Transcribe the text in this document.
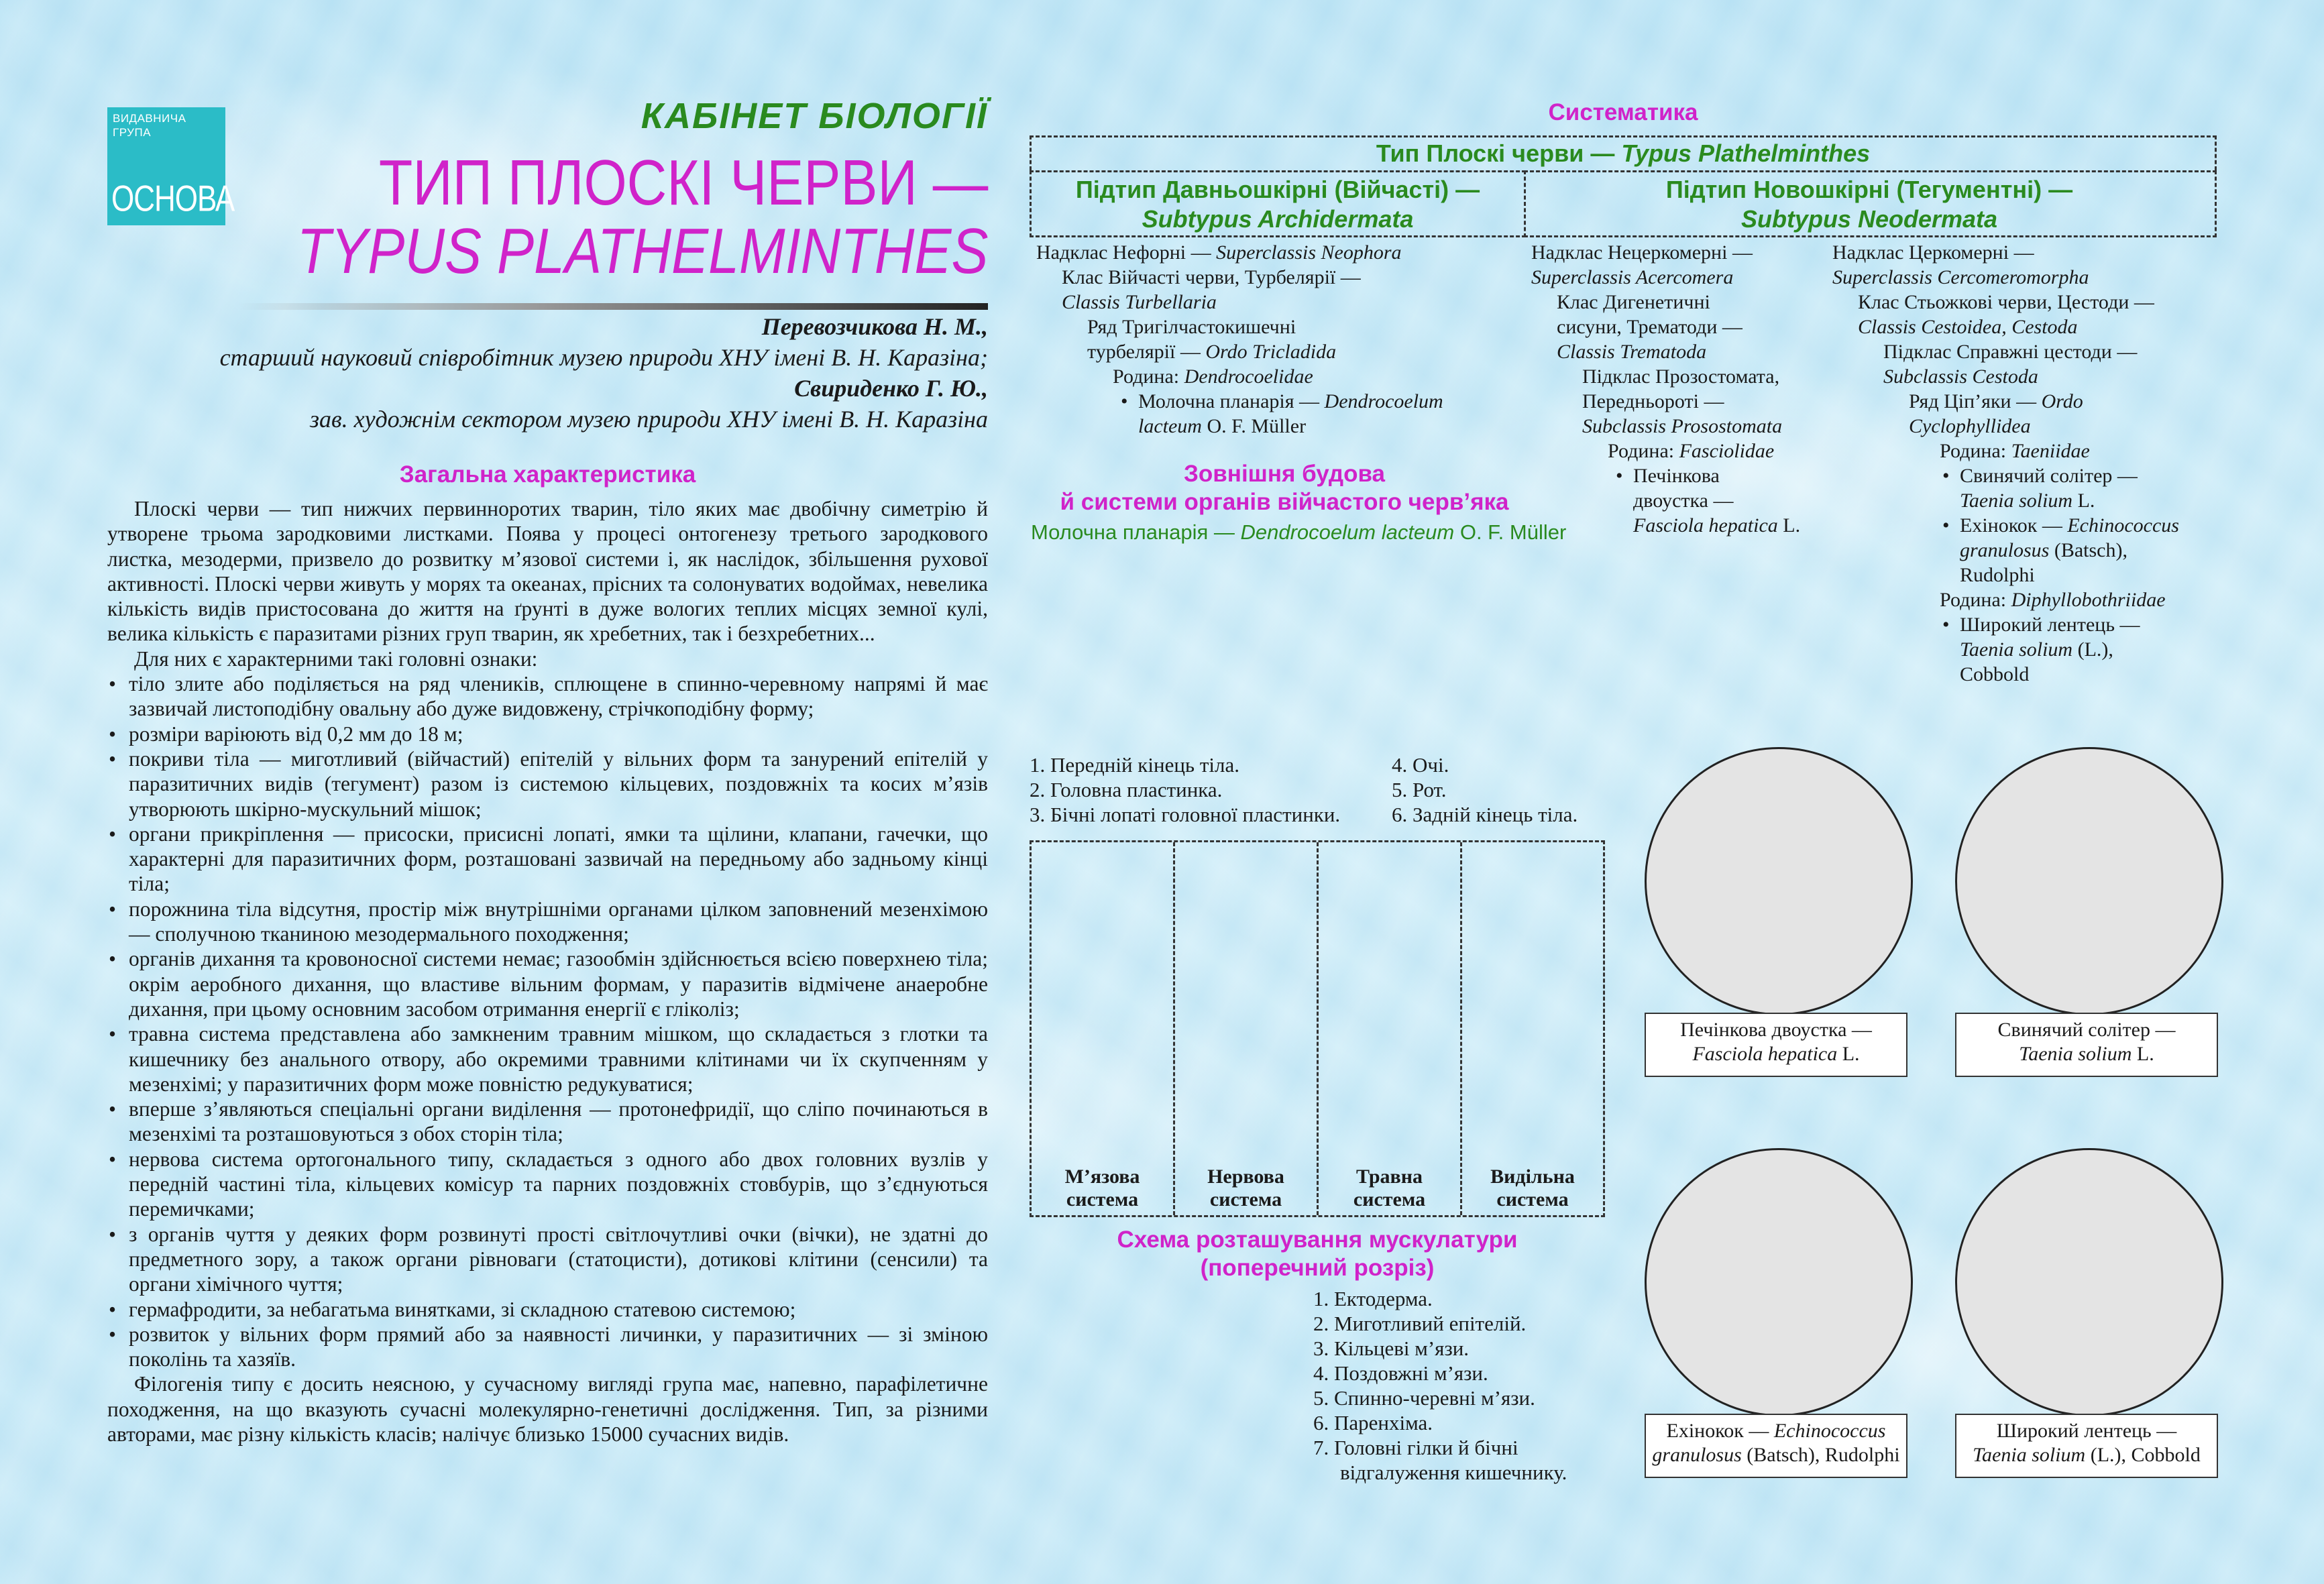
ВИДАВНИЧА
ГРУПА
ОСНОВА
КАБІНЕТ БІОЛОГІЇ
ТИП ПЛОСКІ ЧЕРВИ —
TYPUS PLATHELMINTHES
Перевозчикова Н. М.,
старший науковий співробітник музею природи ХНУ імені В. Н. Каразіна;
Свириденко Г. Ю.,
зав. художнім сектором музею природи ХНУ імені В. Н. Каразіна
Загальна характеристика

Плоскі черви — тип нижчих первинноротих тварин, тіло яких має двобічну симетрію й утворене трьома зародковими листками. Поява у процесі онтогенезу третього зародкового листка, мезодерми, призвело до розвитку м’язової системи і, як наслідок, збільшення рухової активності. Плоскі черви живуть у морях та океанах, прісних та солонуватих водоймах, невелика кількість видів пристосована до життя на ґрунті в дуже вологих теплих місцях земної кулі, велика кількість є паразитами різних груп тварин, як хребетних, так і безхребетних...

Для них є характерними такі головні ознаки:

• тіло злите або поділяється на ряд члеників, сплющене в спинно-черевному напрямі й має зазвичай листоподібну овальну або дуже видовжену, стрічкоподібну форму;
• розміри варіюють від 0,2 мм до 18 м;
• покриви тіла — миготливий (війчастий) епітелій у вільних форм та занурений епітелій у паразитичних видів (тегумент) разом із системою кільцевих, поздовжніх та косих м’язів утворюють шкірно-мускульний мішок;
• органи прикріплення — присоски, присисні лопаті, ямки та щілини, клапани, гачечки, що характерні для паразитичних форм, розташовані зазвичай на передньому або задньому кінці тіла;
• порожнина тіла відсутня, простір між внутрішніми органами цілком заповнений мезенхімою — сполучною тканиною мезодермального походження;
• органів дихання та кровоносної системи немає; газообмін здійснюється всією поверхнею тіла; окрім аеробного дихання, що властиве вільним формам, у паразитів відмічене анаеробне дихання, при цьому основним засобом отримання енергії є гліколіз;
• травна система представлена або замкненим травним мішком, що складається з глотки та кишечнику без анального отвору, або окремими травними клітинами чи їх скупченням у мезенхімі; у паразитичних форм може повністю редукуватися;
• вперше з’являються спеціальні органи виділення — протонефридії, що сліпо починаються в мезенхімі та розташовуються з обох сторін тіла;
• нервова система ортогонального типу, складається з одного або двох головних вузлів у передній частині тіла, кільцевих комісур та парних поздовжніх стовбурів, що з’єднуються перемичками;
• з органів чуття у деяких форм розвинуті прості світлочутливі очки (вічки), не здатні до предметного зору, а також органи рівноваги (статоцисти), дотикові клітини (сенсили) та органи хімічного чуття;
• гермафродити, за небагатьма винятками, зі складною статевою системою;
• розвиток у вільних форм прямий або за наявності личинки, у паразитичних — зі зміною поколінь та хазяїв.

Філогенія типу є досить неясною, у сучасному вигляді група має, напевно, парафілетичне походження, на що вказують сучасні молекулярно-генетичні дослідження. Тип, за різними авторами, має різну кількість класів; налічує близько 15000 сучасних видів.

Систематика
Тип Плоскі черви — Typus Plathelminthes
Підтип Давньошкірні (Війчасті) —
Subtypus Archidermata
Підтип Новошкірні (Тегументні) —
Subtypus Neodermata
Надклас Нефорні — Superclassis Neophora
Клас Війчасті черви, Турбелярії —
Classis Turbellaria
Ряд Тригілчастокишечні
турбелярії — Ordo Tricladida
Родина: Dendrocoelidae
• Молочна планарія — Dendrocoelum
lacteum O. F. Müller
Надклас Нецеркомерні —
Superclassis Acercomera
Клас Дигенетичні
сисуни, Трематоди —
Classis Trematoda
Підклас Прозостомата,
Передньороті —
Subclassis Prosostomata
Родина: Fasciolidae
• Печінкова
двоустка —
Fasciola hepatica L.
Надклас Церкомерні —
Superclassis Cercomeromorpha
Клас Стьожкові черви, Цестоди —
Classis Cestoidea, Cestoda
Підклас Справжні цестоди —
Subclassis Cestoda
Ряд Ціп’яки — Ordo
Cyclophyllidea
Родина: Taeniidae
• Свинячий солітер —
Taenia solium L.
• Ехінокок — Echinococcus
granulosus (Batsch),
Rudolphi
Родина: Diphyllobothriidae
• Широкий лентець —
Taenia solium (L.),
Cobbold
Зовнішня будова
й системи органів війчастого черв’яка
Молочна планарія — Dendrocoelum lacteum O. F. Müller
1. Передній кінець тіла.
2. Головна пластинка.
3. Бічні лопаті головної пластинки.
4. Очі.
5. Рот.
6. Задній кінець тіла.
М’язова
система
Нервова
система
Травна
система
Видільна
система
Схема розташування мускулатури
(поперечний розріз)
1. Ектодерма.
2. Миготливий епітелій.
3. Кільцеві м’язи.
4. Поздовжні м’язи.
5. Спинно-черевні м’язи.
6. Паренхіма.
7. Головні гілки й бічні
відгалуження кишечнику.
Печінкова двоустка —
Fasciola hepatica L.
Свинячий солітер —
Taenia solium L.
Ехінокок — Echinococcus
granulosus (Batsch), Rudolphi
Широкий лентець —
Taenia solium (L.), Cobbold
